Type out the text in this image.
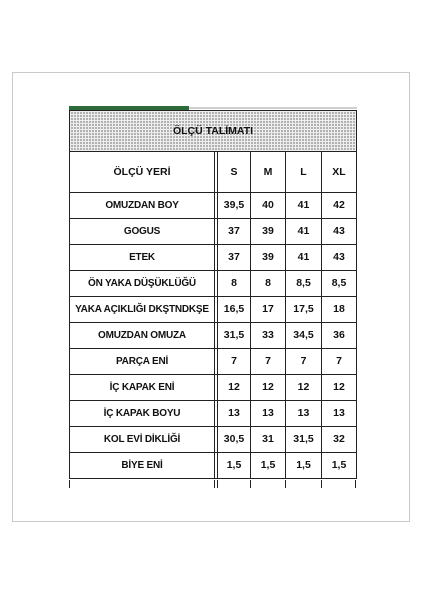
ÖLÇÜ TALİMATI					
ÖLÇÜ YERİ		S	M	L	XL
OMUZDAN BOY		39,5	40	41	42
GOGUS		37	39	41	43
ETEK		37	39	41	43
ÖN YAKA DÜŞÜKLÜĞÜ		8	8	8,5	8,5
YAKA AÇIKLIĞI DKŞTNDKŞE		16,5	17	17,5	18
OMUZDAN OMUZA		31,5	33	34,5	36
PARÇA ENİ		7	7	7	7
İÇ KAPAK ENİ		12	12	12	12
İÇ KAPAK BOYU		13	13	13	13
KOL EVİ DİKLİĞİ		30,5	31	31,5	32
BİYE ENİ		1,5	1,5	1,5	1,5
